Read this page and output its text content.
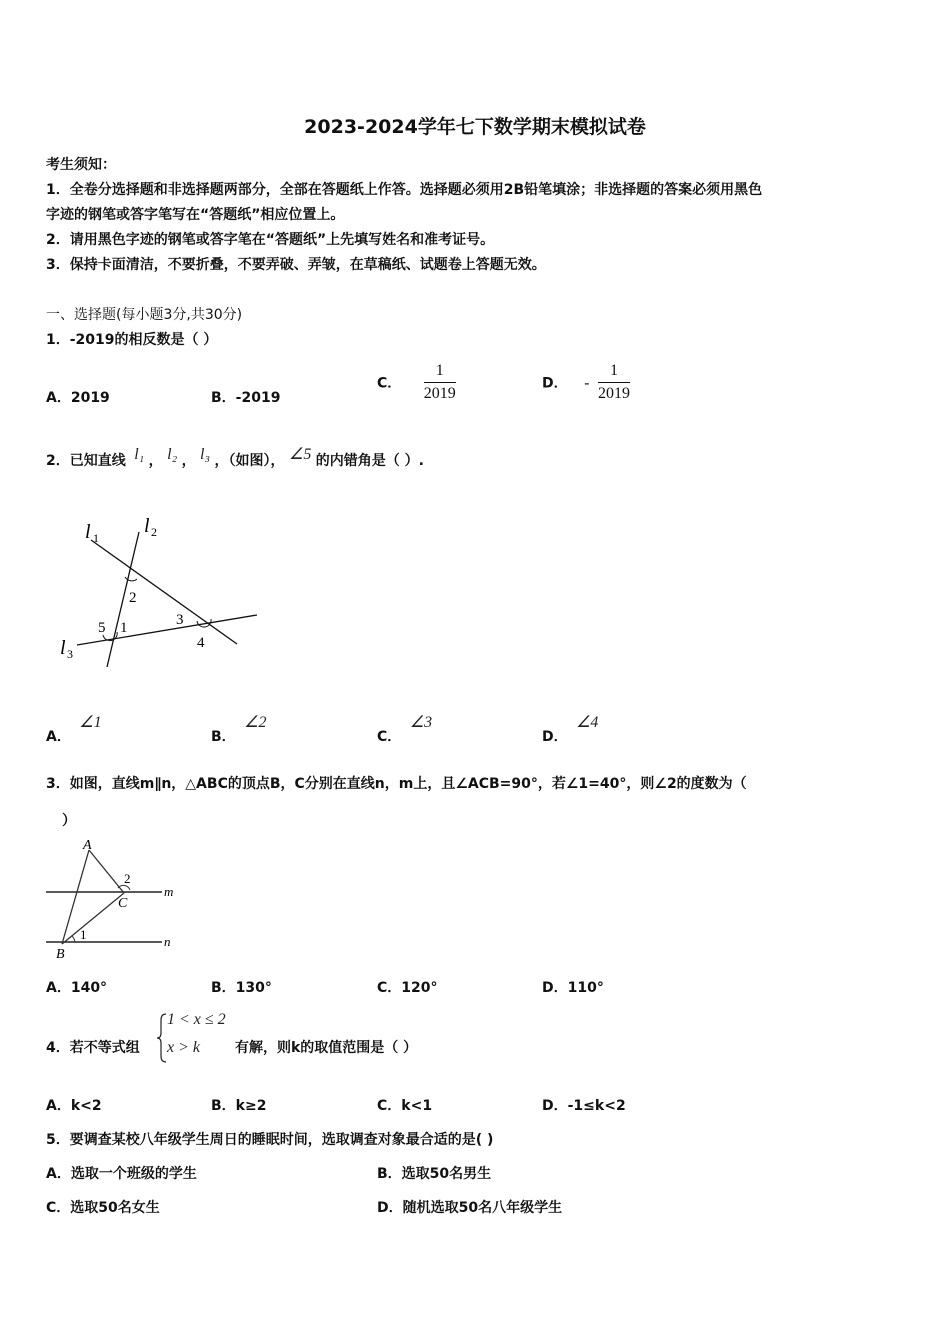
2023-2024学年七下数学期末模拟试卷
考生须知：
1．全卷分选择题和非选择题两部分，全部在答题纸上作答。选择题必须用2B铅笔填涂；非选择题的答案必须用黑色
字迹的钢笔或答字笔写在“答题纸”相应位置上。
2．请用黑色字迹的钢笔或答字笔在“答题纸”上先填写姓名和准考证号。
3．保持卡面清洁，不要折叠，不要弄破、弄皱，在草稿纸、试题卷上答题无效。
一、选择题(每小题3分,共30分)
1．-2019的相反数是（ ）
A．2019	B．-2019
C． $\frac{1}{2019}$	D． - $\frac{1}{2019}$
2．已知直线 l₁ ， l₂ ， l₃ ，（如图）， ∠5 的内错角是（ ）.
l 1
l 2
l 3
2
3
4
5 1
A． ∠1
B． ∠2
C． ∠3
D． ∠4
3．如图，直线m∥n，△ABC的顶点B，C分别在直线n，m上，且∠ACB=90°，若∠1=40°，则∠2的度数为（
）
A
B
C
m
n
1
2
A．140°	B．130°	C．120°	D．110°
4．若不等式组
1 < x ≤ 2
x > k	有解，则k的取值范围是（ ）
A．k<2	B．k≥2	C．k<1	D．-1≤k<2
5．要调查某校八年级学生周日的睡眠时间，选取调查对象最合适的是( )
A．选取一个班级的学生	B．选取50名男生
C．选取50名女生	D．随机选取50名八年级学生
